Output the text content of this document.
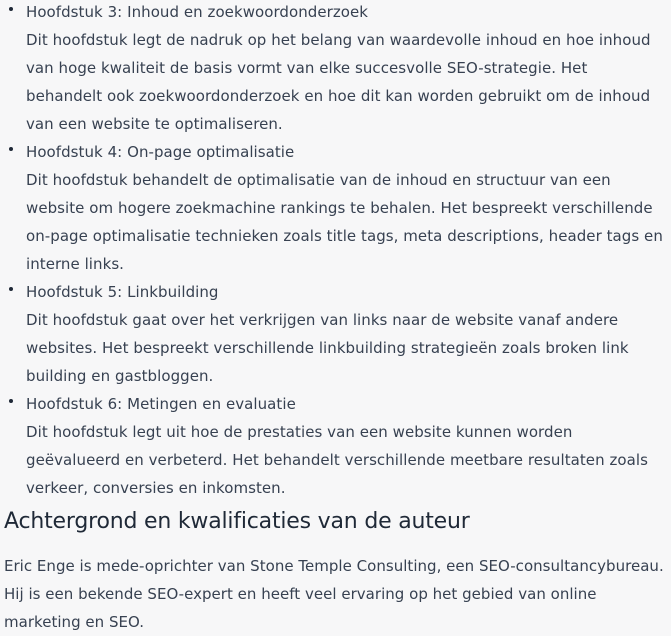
Hoofdstuk 3: Inhoud en zoekwoordonderzoek
Dit hoofdstuk legt de nadruk op het belang van waardevolle inhoud en hoe inhoud van hoge kwaliteit de basis vormt van elke succesvolle SEO-strategie. Het behandelt ook zoekwoordonderzoek en hoe dit kan worden gebruikt om de inhoud van een website te optimaliseren.
Hoofdstuk 4: On-page optimalisatie
Dit hoofdstuk behandelt de optimalisatie van de inhoud en structuur van een website om hogere zoekmachine rankings te behalen. Het bespreekt verschillende on-page optimalisatie technieken zoals title tags, meta descriptions, header tags en interne links.
Hoofdstuk 5: Linkbuilding
Dit hoofdstuk gaat over het verkrijgen van links naar de website vanaf andere websites. Het bespreekt verschillende linkbuilding strategieën zoals broken link building en gastbloggen.
Hoofdstuk 6: Metingen en evaluatie
Dit hoofdstuk legt uit hoe de prestaties van een website kunnen worden geëvalueerd en verbeterd. Het behandelt verschillende meetbare resultaten zoals verkeer, conversies en inkomsten.
Achtergrond en kwalificaties van de auteur

Eric Enge is mede-oprichter van Stone Temple Consulting, een SEO-consultancybureau. Hij is een bekende SEO-expert en heeft veel ervaring op het gebied van online marketing en SEO.
